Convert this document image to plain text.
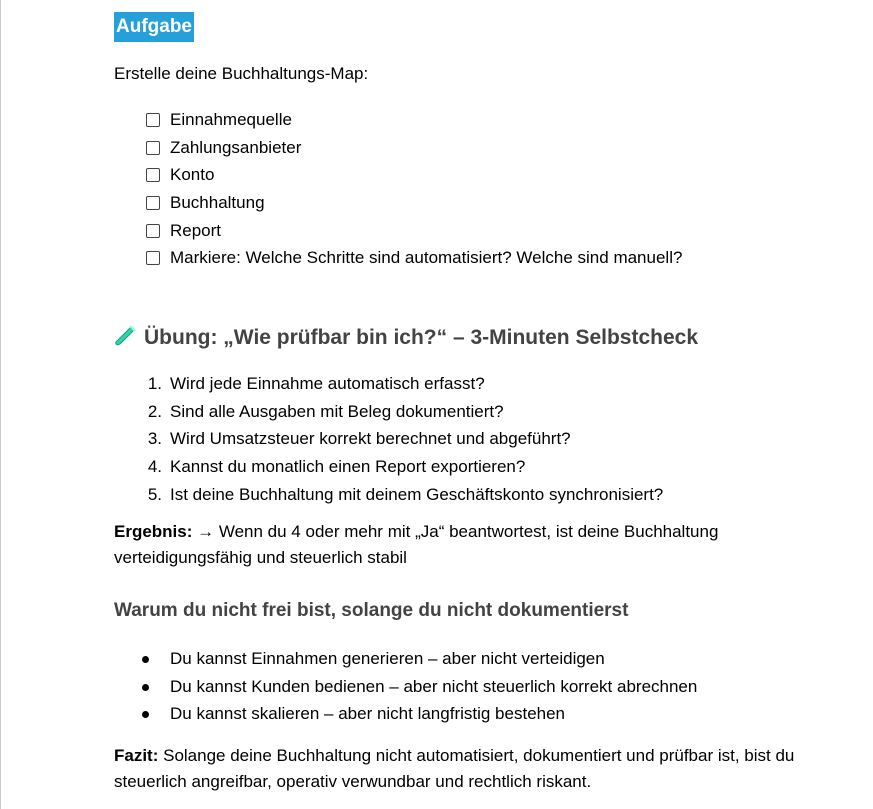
Aufgabe

Erstelle deine Buchhaltungs-Map:

Einnahmequelle
Zahlungsanbieter
Konto
Buchhaltung
Report
Markiere: Welche Schritte sind automatisiert? Welche sind manuell?
Übung: „Wie prüfbar bin ich?“ – 3-Minuten Selbstcheck
1. Wird jede Einnahme automatisch erfasst?
2. Sind alle Ausgaben mit Beleg dokumentiert?
3. Wird Umsatzsteuer korrekt berechnet und abgeführt?
4. Kannst du monatlich einen Report exportieren?
5. Ist deine Buchhaltung mit deinem Geschäftskonto synchronisiert?

Ergebnis: → Wenn du 4 oder mehr mit „Ja“ beantwortest, ist deine Buchhaltung verteidigungsfähig und steuerlich stabil

Warum du nicht frei bist, solange du nicht dokumentierst
Du kannst Einnahmen generieren – aber nicht verteidigen
Du kannst Kunden bedienen – aber nicht steuerlich korrekt abrechnen
Du kannst skalieren – aber nicht langfristig bestehen

Fazit: Solange deine Buchhaltung nicht automatisiert, dokumentiert und prüfbar ist, bist du steuerlich angreifbar, operativ verwundbar und rechtlich riskant.
